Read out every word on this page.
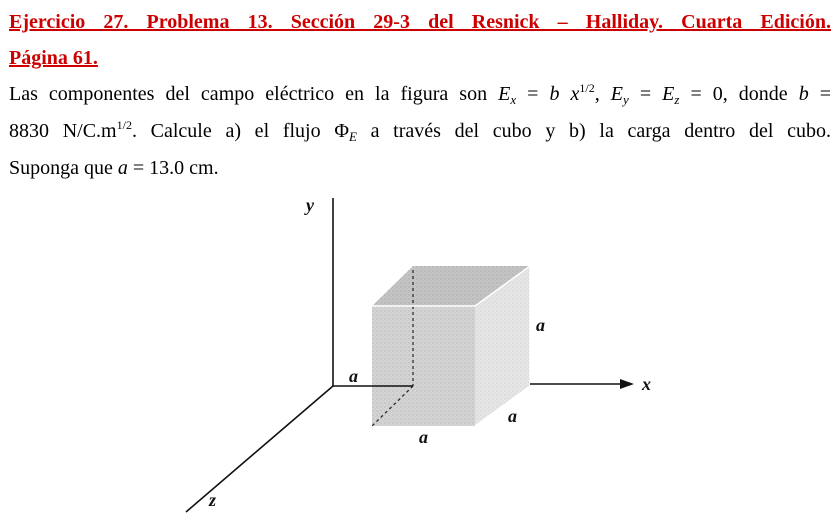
Ejercicio 27. Problema 13. Sección 29-3 del Resnick – Halliday. Cuarta Edición.
Página 61.
Las componentes del campo eléctrico en la figura son $E_x = b$ $x^{1/2}$, $E_y = E_z = 0$, donde b =
8830 $N/C.m^{1/2}$. Calcule a) el flujo $\Phi_E$ a través del cubo y b) la carga dentro del cubo.
Suponga que a = 13.0 cm.
y
x
z
a
a
a
a
